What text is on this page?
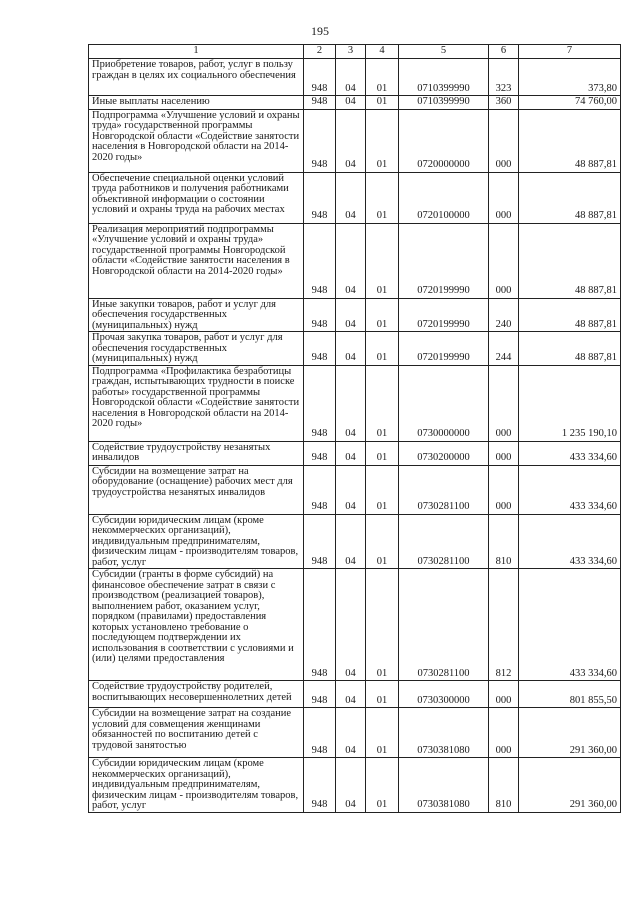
195
1	2	3	4	5	6	7
Приобретение товаров, работ, услуг в пользу граждан в целях их социального обеспечения	948	04	01	0710399990	323	373,80
Иные выплаты населению	948	04	01	0710399990	360	74 760,00
Подпрограмма «Улучшение условий и охраны труда» государственной программы Новгородской области «Содействие занятости населения в Новгородской области на 2014-2020 годы»	948	04	01	0720000000	000	48 887,81
Обеспечение специальной оценки условий труда работников и получения работниками объективной информации о состоянии условий и охраны труда на рабочих местах	948	04	01	0720100000	000	48 887,81
Реализация мероприятий подпрограммы «Улучшение условий и охраны труда» государственной программы Новгородской области «Содействие занятости населения в Новгородской области на 2014-2020 годы»	948	04	01	0720199990	000	48 887,81
Иные закупки товаров, работ и услуг для обеспечения государственных (муниципальных) нужд	948	04	01	0720199990	240	48 887,81
Прочая закупка товаров, работ и услуг для обеспечения государственных (муниципальных) нужд	948	04	01	0720199990	244	48 887,81
Подпрограмма «Профилактика безработицы граждан, испытывающих трудности в поиске работы» государственной программы Новгородской области «Содействие занятости населения в Новгородской области на 2014-2020 годы»	948	04	01	0730000000	000	1 235 190,10
Содействие трудоустройству незанятых инвалидов	948	04	01	0730200000	000	433 334,60
Субсидии на возмещение затрат на оборудование (оснащение) рабочих мест для трудоустройства незанятых инвалидов	948	04	01	0730281100	000	433 334,60
Субсидии юридическим лицам (кроме некоммерческих организаций), индивидуальным предпринимателям, физическим лицам - производителям товаров, работ, услуг	948	04	01	0730281100	810	433 334,60
Субсидии (гранты в форме субсидий) на финансовое обеспечение затрат в связи с производством (реализацией товаров), выполнением работ, оказанием услуг, порядком (правилами) предоставления которых установлено требование о последующем подтверждении их использования в соответствии с условиями и (или) целями предоставления	948	04	01	0730281100	812	433 334,60
Содействие трудоустройству родителей, воспитывающих несовершеннолетних детей	948	04	01	0730300000	000	801 855,50
Субсидии на возмещение затрат на создание условий для совмещения женщинами обязанностей по воспитанию детей с трудовой занятостью	948	04	01	0730381080	000	291 360,00
Субсидии юридическим лицам (кроме некоммерческих организаций), индивидуальным предпринимателям, физическим лицам - производителям товаров, работ, услуг	948	04	01	0730381080	810	291 360,00
